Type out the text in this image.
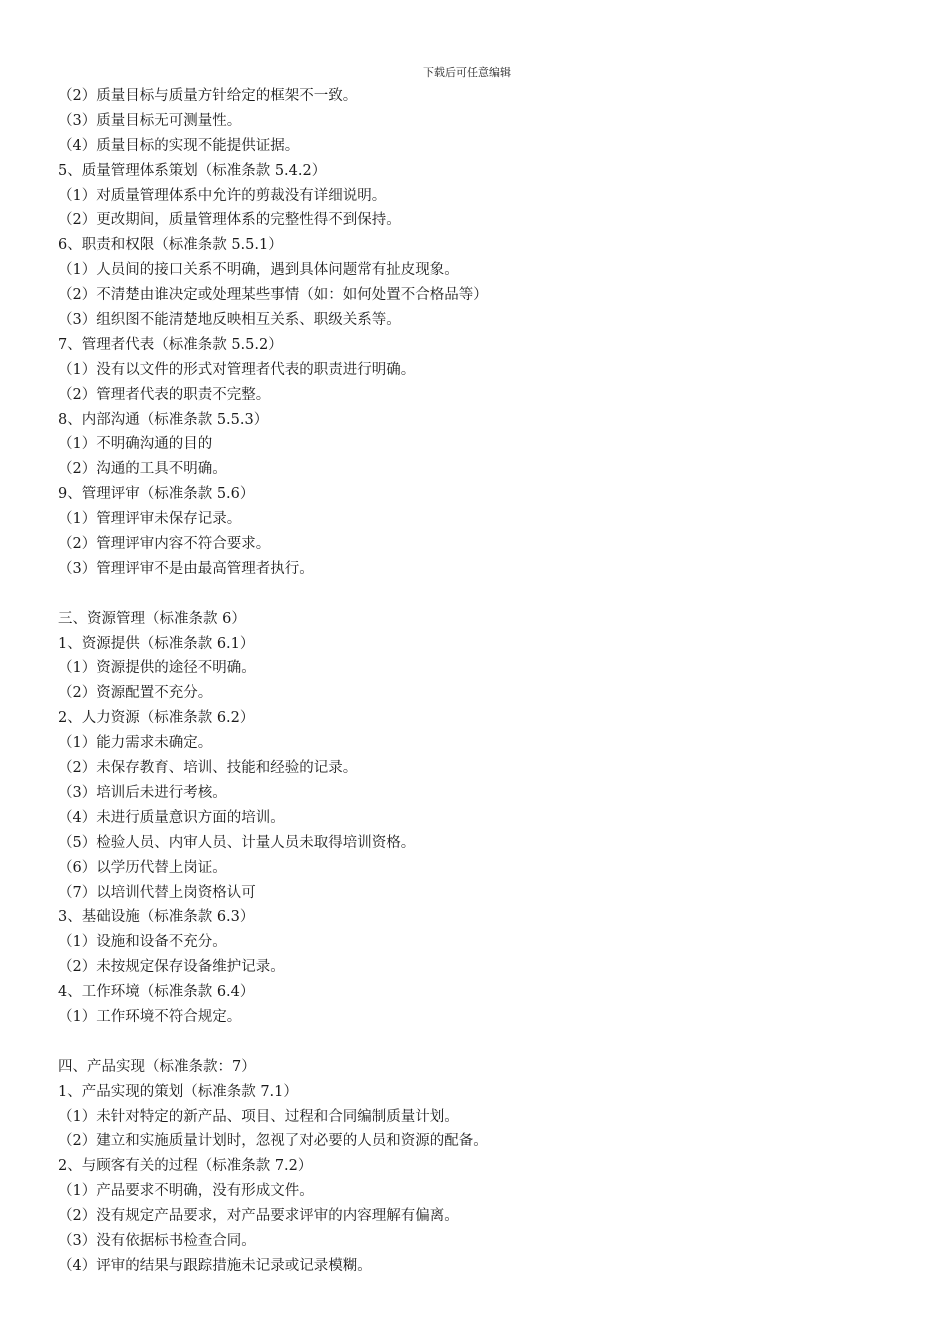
下载后可任意编辑
（2）质量目标与质量方针给定的框架不一致。
（3）质量目标无可测量性。
（4）质量目标的实现不能提供证据。
5、质量管理体系策划（标准条款 5.4.2）
（1）对质量管理体系中允许的剪裁没有详细说明。
（2）更改期间，质量管理体系的完整性得不到保持。
6、职责和权限（标准条款 5.5.1）
（1）人员间的接口关系不明确，遇到具体问题常有扯皮现象。
（2）不清楚由谁决定或处理某些事情（如：如何处置不合格品等）
（3）组织图不能清楚地反映相互关系、职级关系等。
7、管理者代表（标准条款 5.5.2）
（1）没有以文件的形式对管理者代表的职责进行明确。
（2）管理者代表的职责不完整。
8、内部沟通（标准条款 5.5.3）
（1）不明确沟通的目的
（2）沟通的工具不明确。
9、管理评审（标准条款 5.6）
（1）管理评审未保存记录。
（2）管理评审内容不符合要求。
（3）管理评审不是由最高管理者执行。
三、资源管理（标准条款 6）
1、资源提供（标准条款 6.1）
（1）资源提供的途径不明确。
（2）资源配置不充分。
2、人力资源（标准条款 6.2）
（1）能力需求未确定。
（2）未保存教育、培训、技能和经验的记录。
（3）培训后未进行考核。
（4）未进行质量意识方面的培训。
（5）检验人员、内审人员、计量人员未取得培训资格。
（6）以学历代替上岗证。
（7）以培训代替上岗资格认可
3、基础设施（标准条款 6.3）
（1）设施和设备不充分。
（2）未按规定保存设备维护记录。
4、工作环境（标准条款 6.4）
（1）工作环境不符合规定。
四、产品实现（标准条款：7）
1、产品实现的策划（标准条款 7.1）
（1）未针对特定的新产品、项目、过程和合同编制质量计划。
（2）建立和实施质量计划时，忽视了对必要的人员和资源的配备。
2、与顾客有关的过程（标准条款 7.2）
（1）产品要求不明确，没有形成文件。
（2）没有规定产品要求，对产品要求评审的内容理解有偏离。
（3）没有依据标书检查合同。
（4）评审的结果与跟踪措施未记录或记录模糊。
